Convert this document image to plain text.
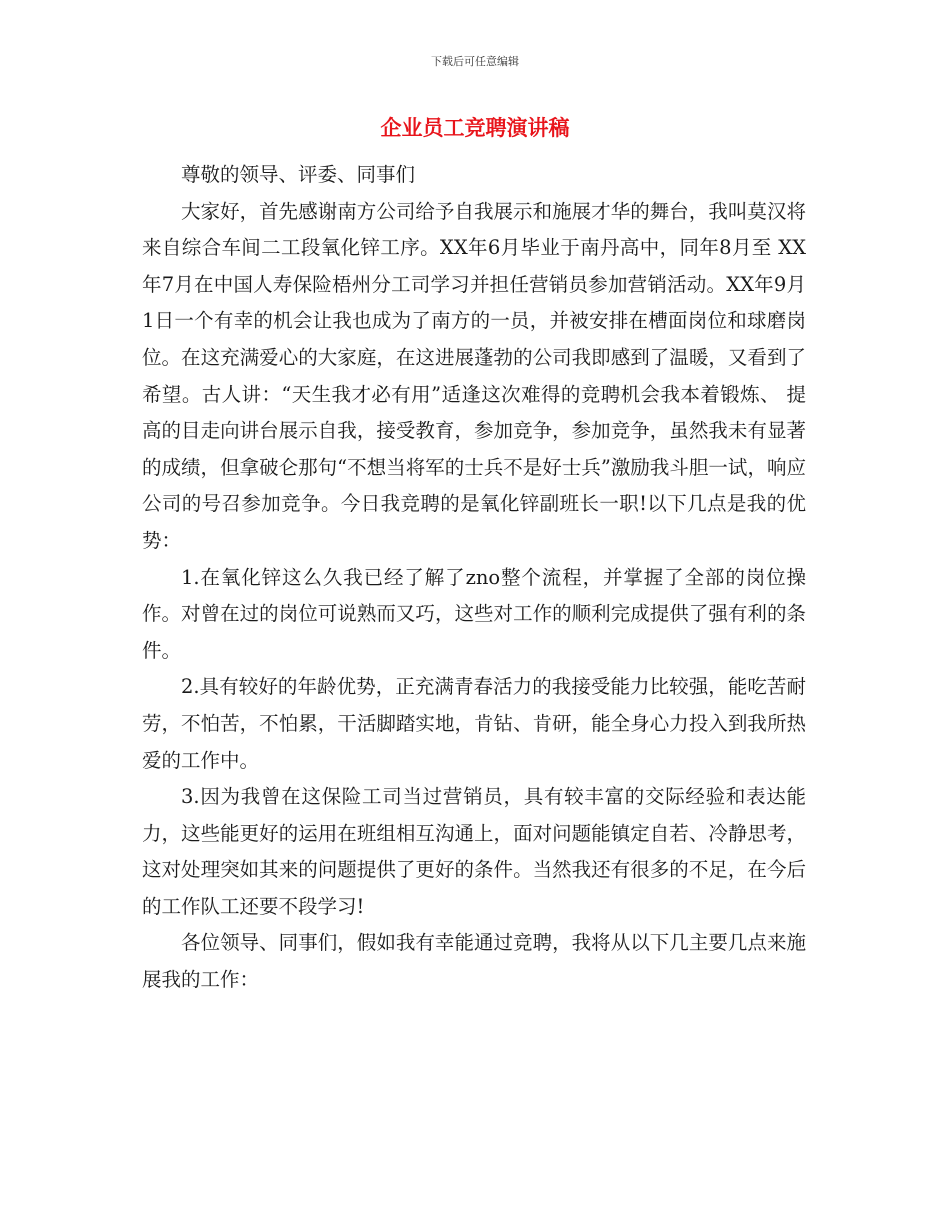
下载后可任意编辑
企业员工竞聘演讲稿

尊敬的领导、评委、同事们

大家好，首先感谢南方公司给予自我展示和施展才华的舞台，我叫莫汉将来自综合车间二工段氧化锌工序。XX年6月毕业于南丹高中，同年8月至 XX年7月在中国人寿保险梧州分工司学习并担任营销员参加营销活动。XX年9月1日一个有幸的机会让我也成为了南方的一员，并被安排在槽面岗位和球磨岗位。在这充满爱心的大家庭，在这进展蓬勃的公司我即感到了温暖，又看到了希望。古人讲：“天生我才必有用”适逢这次难得的竞聘机会我本着锻炼、 提高的目走向讲台展示自我，接受教育，参加竞争，参加竞争，虽然我未有显著的成绩，但拿破仑那句“不想当将军的士兵不是好士兵”激励我斗胆一试，响应公司的号召参加竞争。今日我竞聘的是氧化锌副班长一职!以下几点是我的优势：

1.在氧化锌这么久我已经了解了zno整个流程，并掌握了全部的岗位操作。对曾在过的岗位可说熟而又巧，这些对工作的顺利完成提供了强有利的条件。

2.具有较好的年龄优势，正充满青春活力的我接受能力比较强，能吃苦耐劳，不怕苦，不怕累，干活脚踏实地，肯钻、肯研，能全身心力投入到我所热爱的工作中。

3.因为我曾在这保险工司当过营销员，具有较丰富的交际经验和表达能力，这些能更好的运用在班组相互沟通上，面对问题能镇定自若、冷静思考，这对处理突如其来的问题提供了更好的条件。当然我还有很多的不足，在今后的工作队工还要不段学习!

各位领导、同事们，假如我有幸能通过竞聘，我将从以下几主要几点来施展我的工作：
